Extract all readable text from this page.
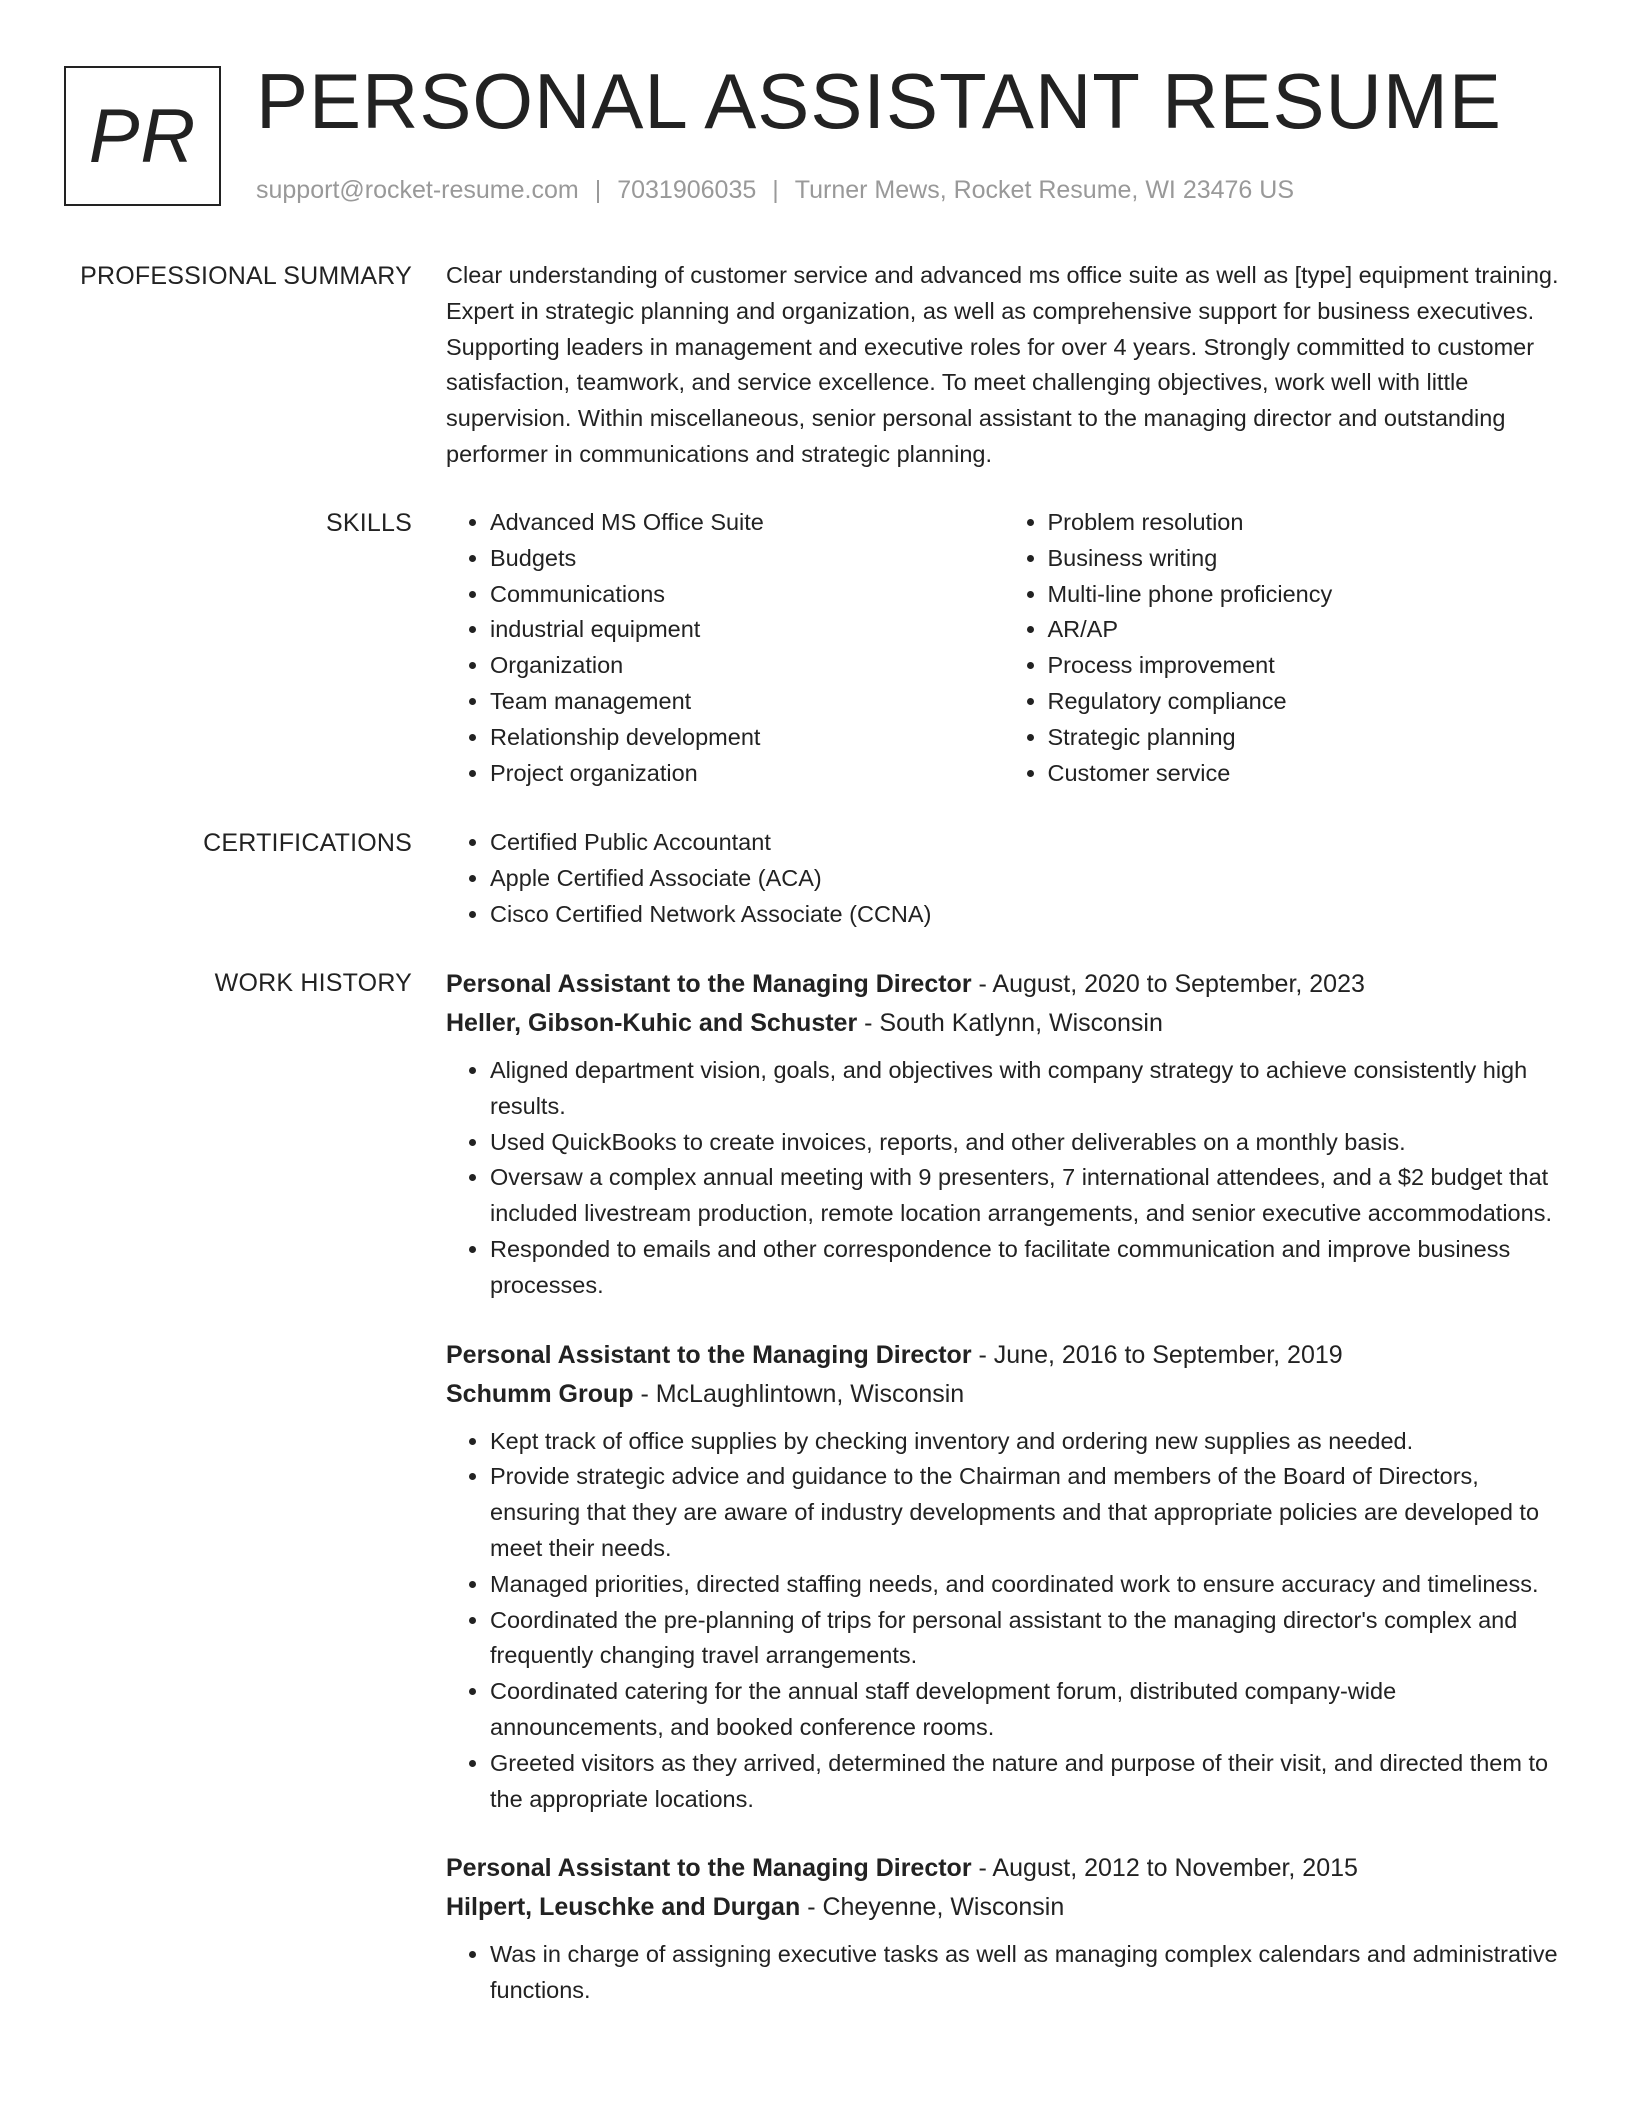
PR PERSONAL ASSISTANT RESUME
support@rocket-resume.com | 7031906035 | Turner Mews, Rocket Resume, WI 23476 US
PROFESSIONAL SUMMARY Clear understanding of customer service and advanced ms office suite as well as [type] equipment training. Expert in strategic planning and organization, as well as comprehensive support for business executives. Supporting leaders in management and executive roles for over 4 years. Strongly committed to customer satisfaction, teamwork, and service excellence. To meet challenging objectives, work well with little supervision. Within miscellaneous, senior personal assistant to the managing director and outstanding performer in communications and strategic planning.

SKILLS	• Advanced MS Office Suite
• Budgets
• Communications
• industrial equipment
• Organization
• Team management
• Relationship development
• Project organization
• Problem resolution
• Business writing
• Multi-line phone proficiency
• AR/AP
• Process improvement
• Regulatory compliance
• Strategic planning
• Customer service
CERTIFICATIONS	• Certified Public Accountant
• Apple Certified Associate (ACA)
• Cisco Certified Network Associate (CCNA)
WORK HISTORY Personal Assistant to the Managing Director - August, 2020 to September, 2023
Heller, Gibson-Kuhic and Schuster - South Katlynn, Wisconsin
• Aligned department vision, goals, and objectives with company strategy to achieve consistently high results.
• Used QuickBooks to create invoices, reports, and other deliverables on a monthly basis.
• Oversaw a complex annual meeting with 9 presenters, 7 international attendees, and a $2 budget that included livestream production, remote location arrangements, and senior executive accommodations.
• Responded to emails and other correspondence to facilitate communication and improve business processes.
Personal Assistant to the Managing Director - June, 2016 to September, 2019
Schumm Group - McLaughlintown, Wisconsin
• Kept track of office supplies by checking inventory and ordering new supplies as needed.
• Provide strategic advice and guidance to the Chairman and members of the Board of Directors, ensuring that they are aware of industry developments and that appropriate policies are developed to meet their needs.
• Managed priorities, directed staffing needs, and coordinated work to ensure accuracy and timeliness.
• Coordinated the pre-planning of trips for personal assistant to the managing director's complex and frequently changing travel arrangements.
• Coordinated catering for the annual staff development forum, distributed company-wide announcements, and booked conference rooms.
• Greeted visitors as they arrived, determined the nature and purpose of their visit, and directed them to the appropriate locations.
Personal Assistant to the Managing Director - August, 2012 to November, 2015
Hilpert, Leuschke and Durgan - Cheyenne, Wisconsin
• Was in charge of assigning executive tasks as well as managing complex calendars and administrative functions.
